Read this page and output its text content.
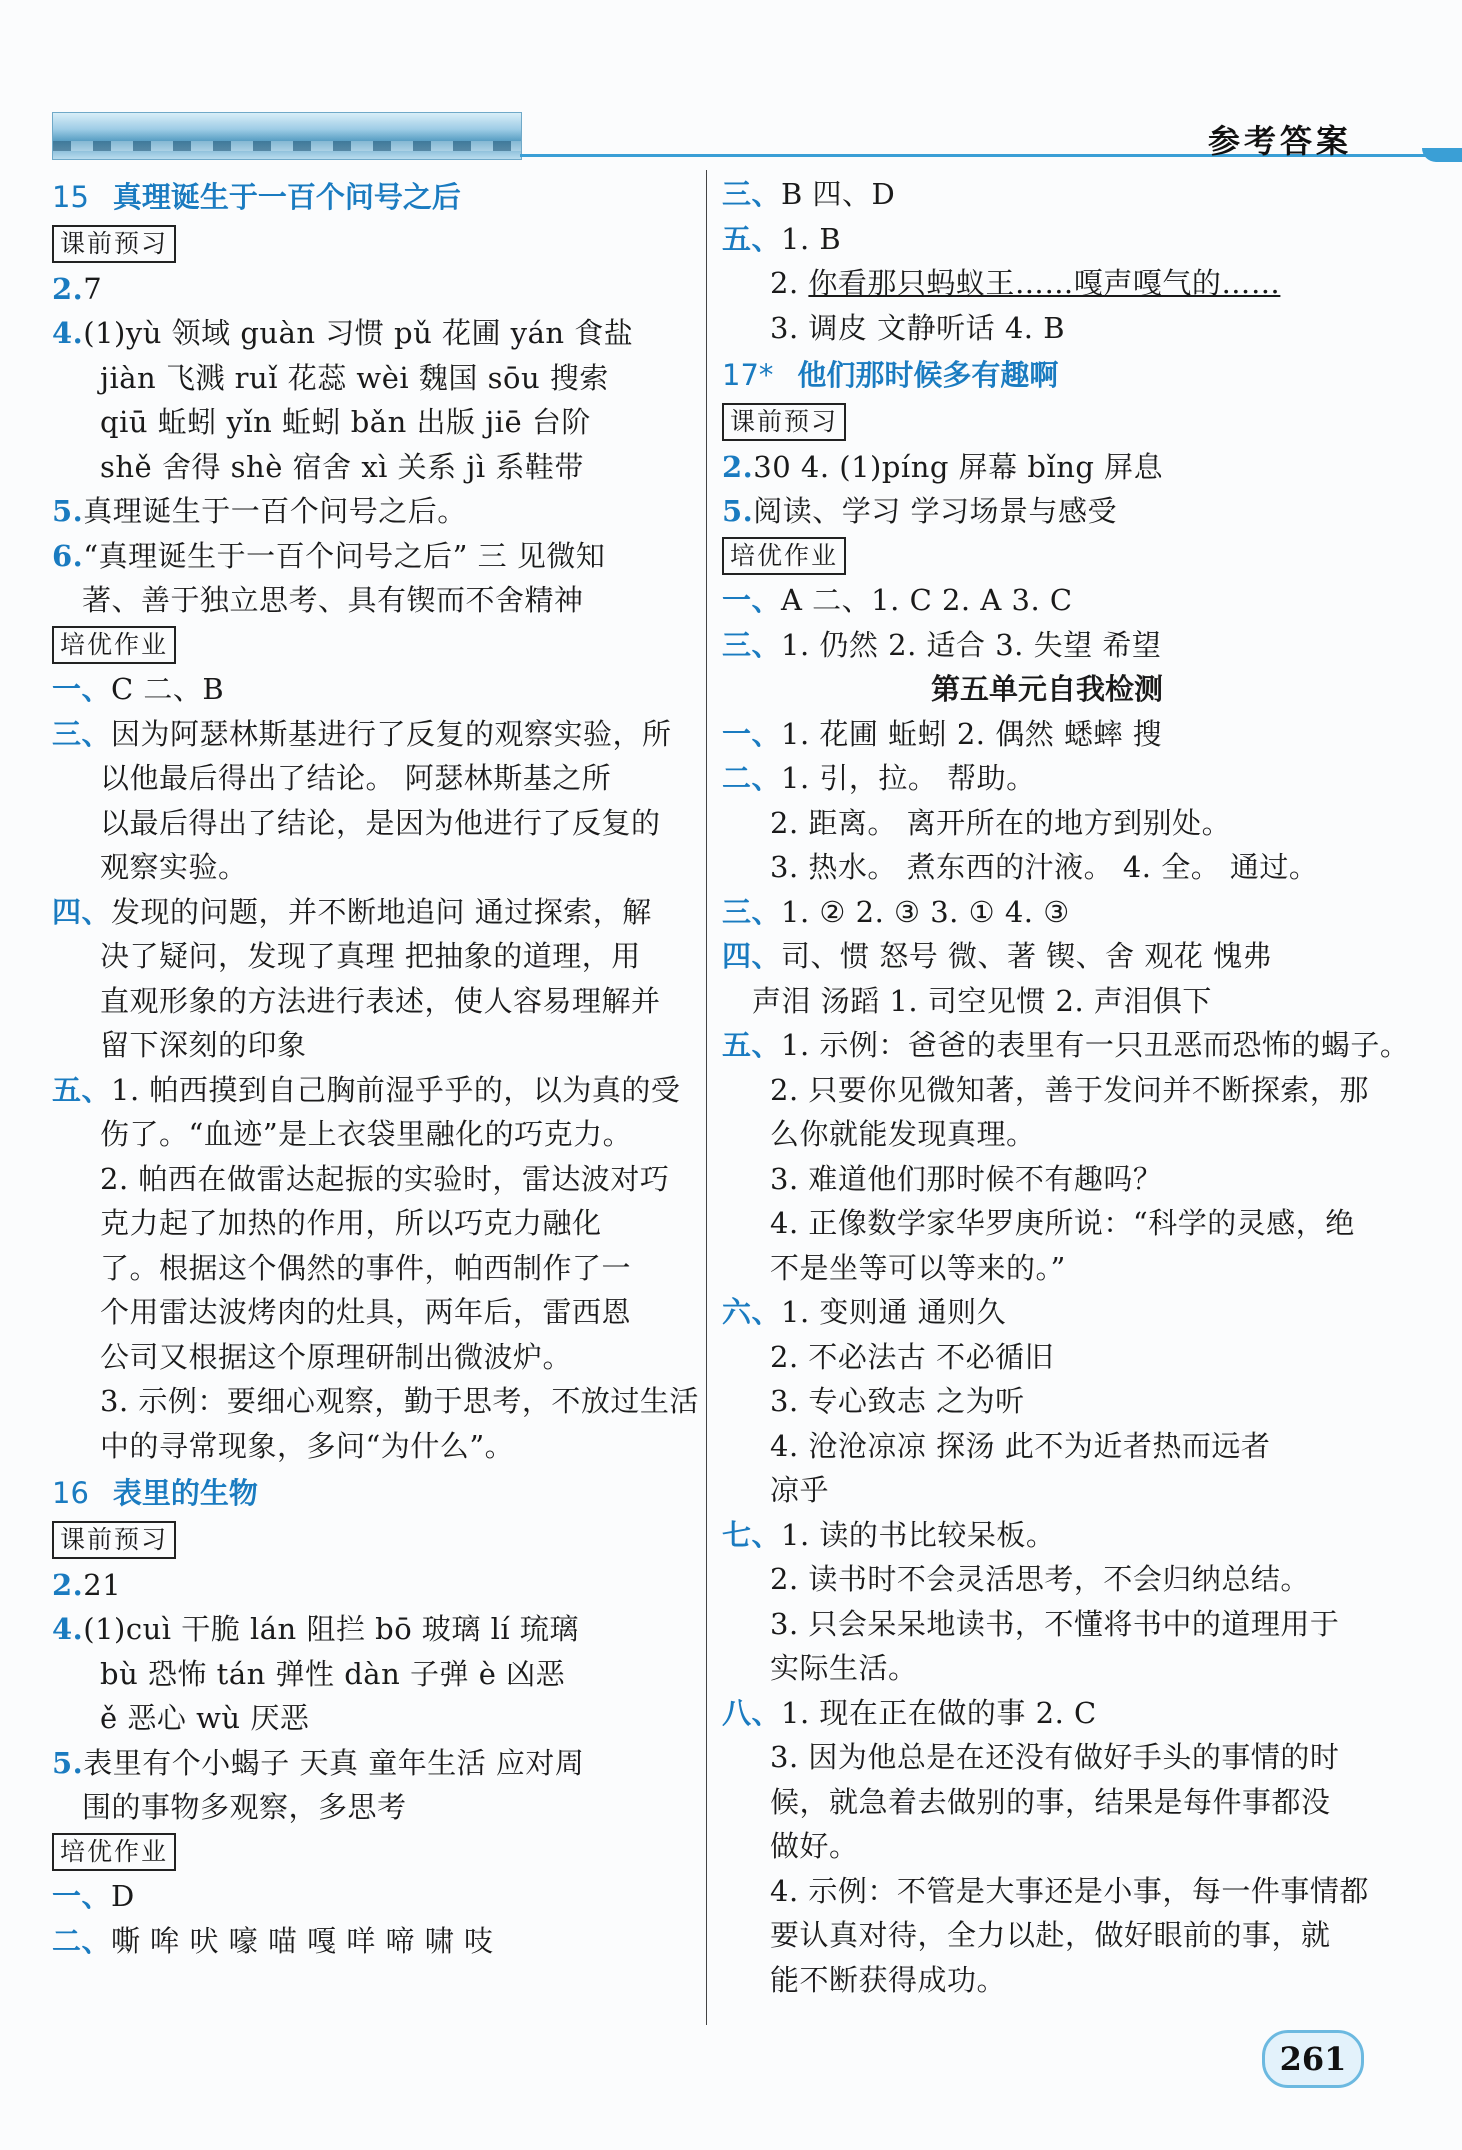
参考答案
15 真理诞生于一百个问号之后
课前预习
2.7
4.(1)yù 领域 guàn 习惯 pǔ 花圃 yán 食盐
jiàn 飞溅 ruǐ 花蕊 wèi 魏国 sōu 搜索
qiū 蚯蚓 yǐn 蚯蚓 bǎn 出版 jiē 台阶
shě 舍得 shè 宿舍 xì 关系 jì 系鞋带
5.真理诞生于一百个问号之后。
6.“真理诞生于一百个问号之后” 三 见微知
著、善于独立思考、具有锲而不舍精神
培优作业
一、C 二、B
三、因为阿瑟林斯基进行了反复的观察实验，所
以他最后得出了结论。 阿瑟林斯基之所
以最后得出了结论，是因为他进行了反复的
观察实验。
四、发现的问题，并不断地追问 通过探索，解
决了疑问，发现了真理 把抽象的道理，用
直观形象的方法进行表述，使人容易理解并
留下深刻的印象
五、1. 帕西摸到自己胸前湿乎乎的，以为真的受
伤了。“血迹”是上衣袋里融化的巧克力。
2. 帕西在做雷达起振的实验时，雷达波对巧
克力起了加热的作用，所以巧克力融化
了。根据这个偶然的事件，帕西制作了一
个用雷达波烤肉的灶具，两年后，雷西恩
公司又根据这个原理研制出微波炉。
3. 示例：要细心观察，勤于思考，不放过生活
中的寻常现象，多问“为什么”。
16 表里的生物
课前预习
2.21
4.(1)cuì 干脆 lán 阻拦 bō 玻璃 lí 琉璃
bù 恐怖 tán 弹性 dàn 子弹 è 凶恶
ě 恶心 wù 厌恶
5.表里有个小蝎子 天真 童年生活 应对周
围的事物多观察，多思考
培优作业
一、D
二、嘶 哞 吠 嚎 喵 嘎 咩 啼 啸 吱
三、B 四、D
五、1. B
2. 你看那只蚂蚁王……嘎声嘎气的……
3. 调皮 文静听话 4. B
17* 他们那时候多有趣啊
课前预习
2.30 4. (1)píng 屏幕 bǐng 屏息
5.阅读、学习 学习场景与感受
培优作业
一、A 二、1. C 2. A 3. C
三、1. 仍然 2. 适合 3. 失望 希望
第五单元自我检测
一、1. 花圃 蚯蚓 2. 偶然 蟋蟀 搜
二、1. 引，拉。 帮助。
2. 距离。 离开所在的地方到别处。
3. 热水。 煮东西的汁液。 4. 全。 通过。
三、1. ② 2. ③ 3. ① 4. ③
四、司、惯 怒号 微、著 锲、舍 观花 愧弗
声泪 汤蹈 1. 司空见惯 2. 声泪俱下
五、1. 示例：爸爸的表里有一只丑恶而恐怖的蝎子。
2. 只要你见微知著，善于发问并不断探索，那
么你就能发现真理。
3. 难道他们那时候不有趣吗？
4. 正像数学家华罗庚所说：“科学的灵感，绝
不是坐等可以等来的。”
六、1. 变则通 通则久
2. 不必法古 不必循旧
3. 专心致志 之为听
4. 沧沧凉凉 探汤 此不为近者热而远者
凉乎
七、1. 读的书比较呆板。
2. 读书时不会灵活思考，不会归纳总结。
3. 只会呆呆地读书，不懂将书中的道理用于
实际生活。
八、1. 现在正在做的事 2. C
3. 因为他总是在还没有做好手头的事情的时
候，就急着去做别的事，结果是每件事都没
做好。
4. 示例：不管是大事还是小事，每一件事情都
要认真对待，全力以赴，做好眼前的事，就
能不断获得成功。
261
